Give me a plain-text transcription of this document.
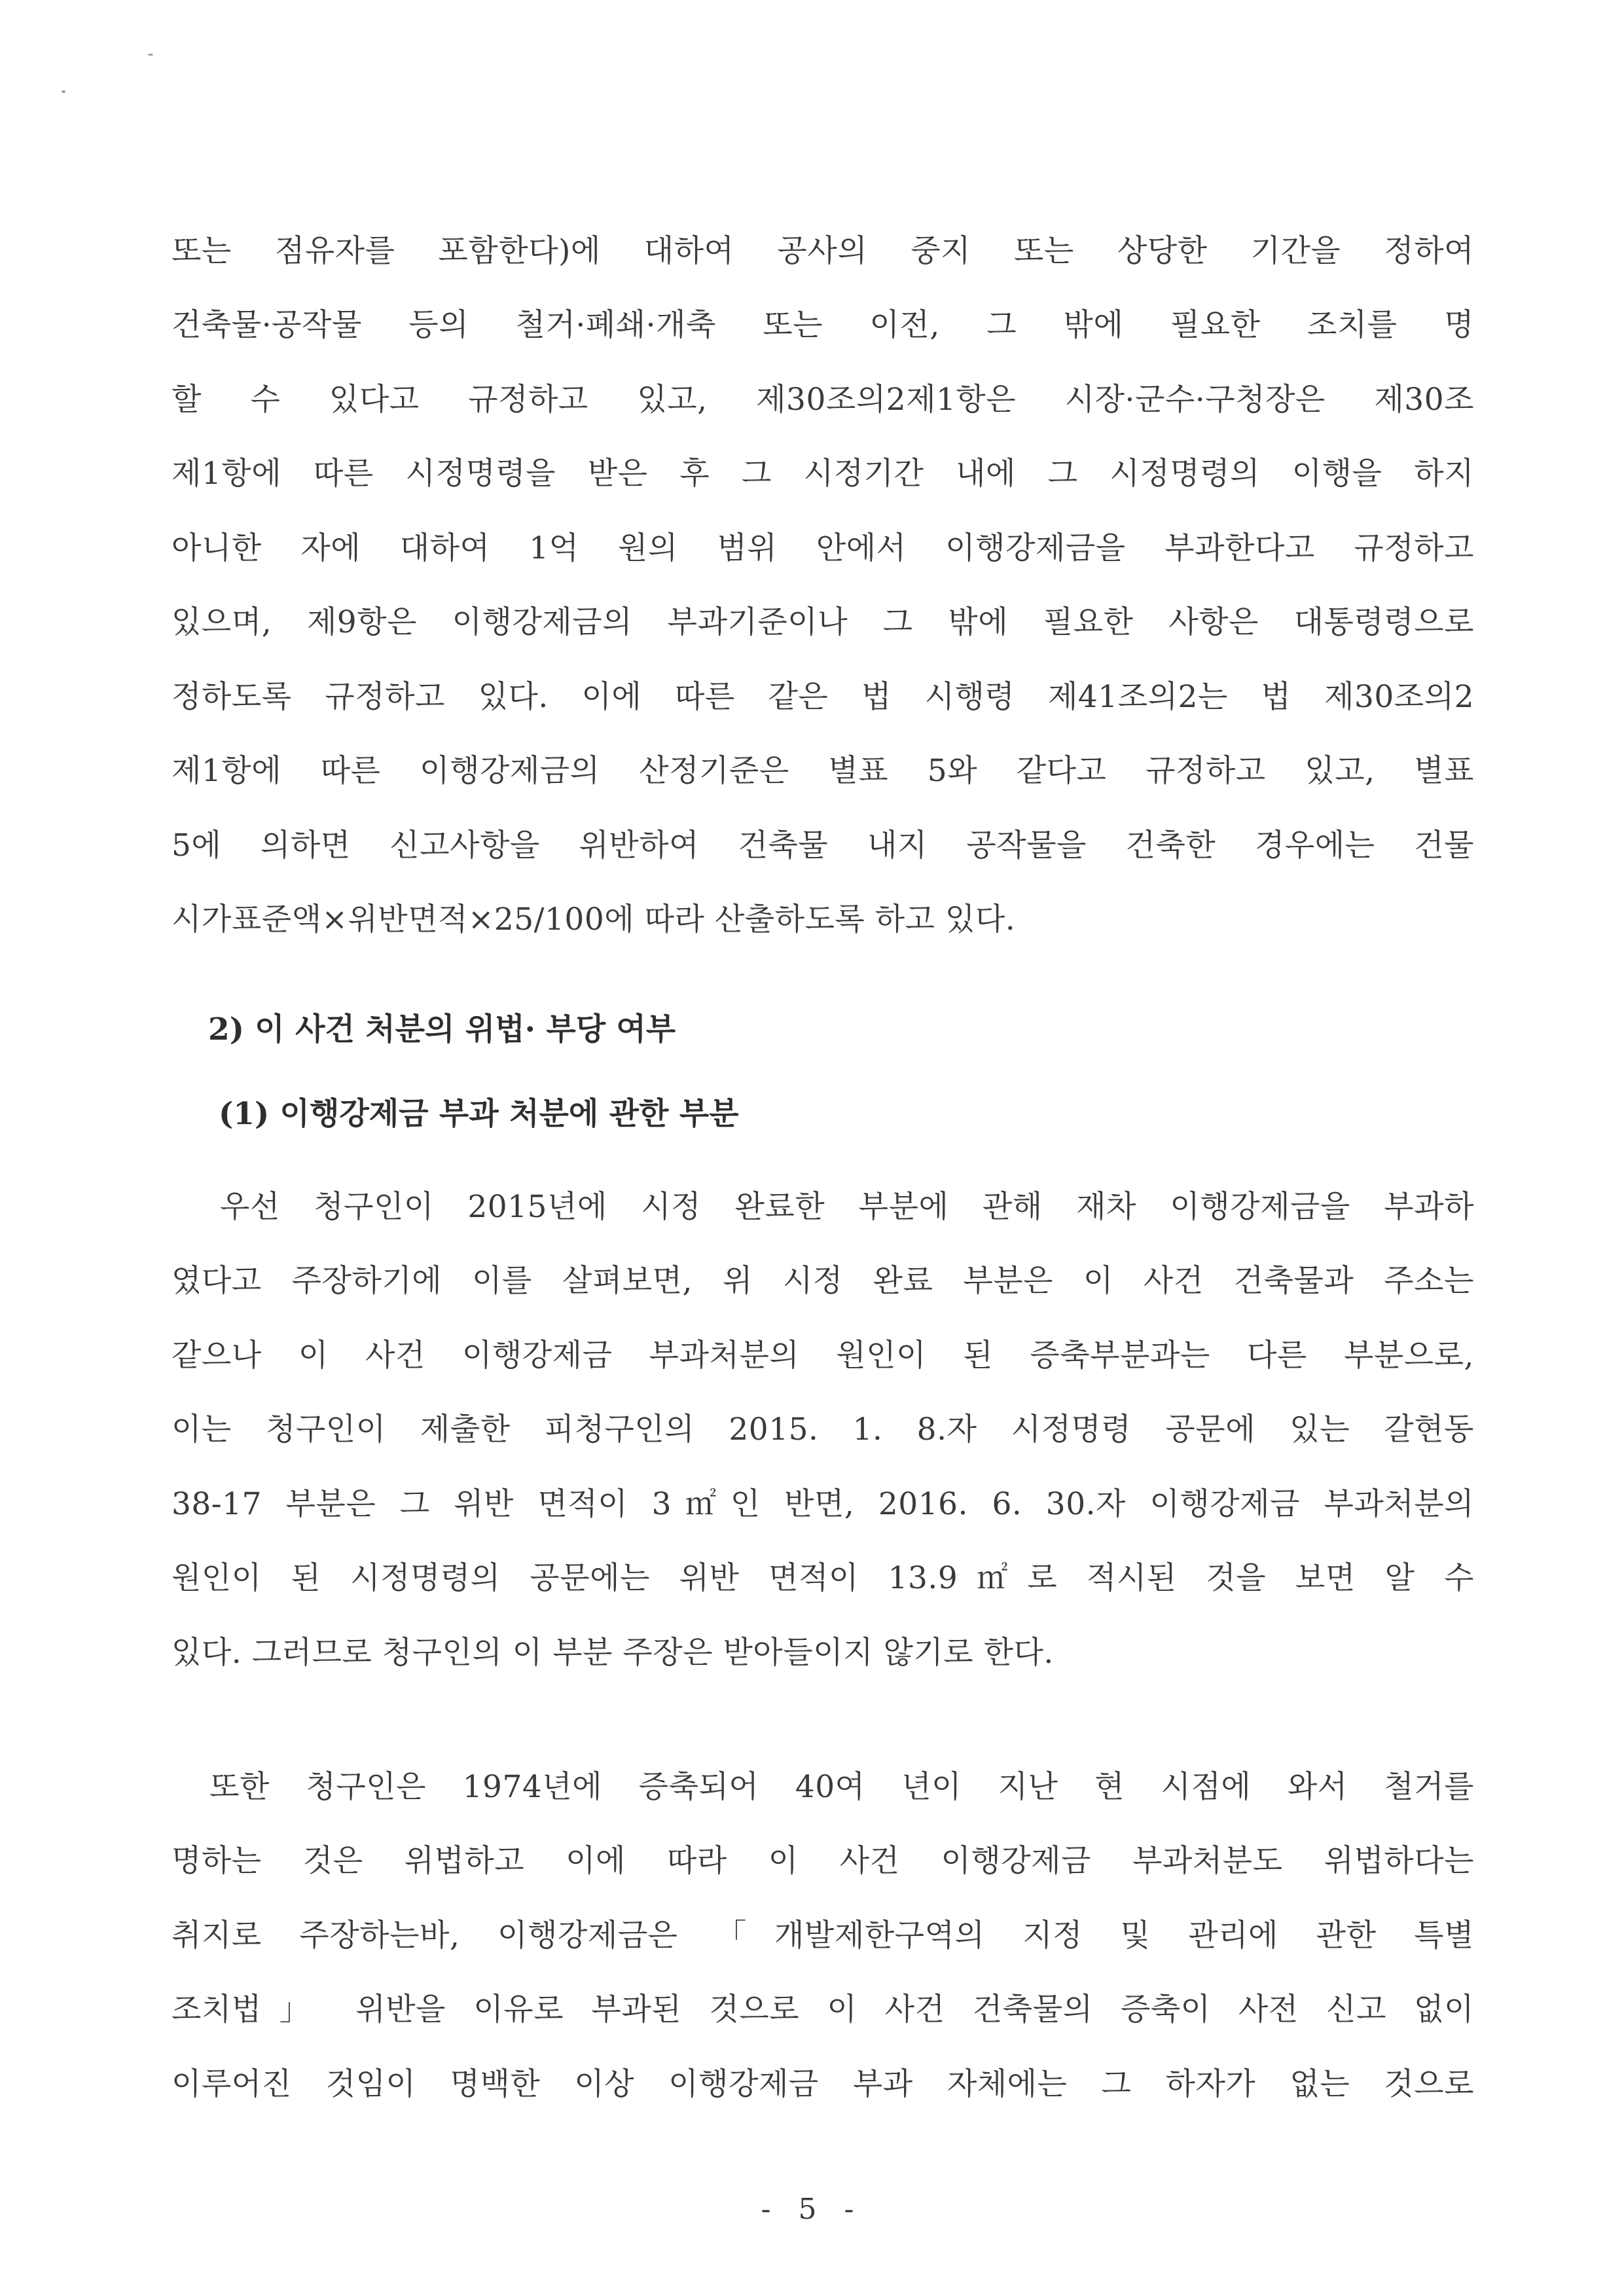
또는 점유자를 포함한다)에 대하여 공사의 중지 또는 상당한 기간을 정하여
건축물·공작물 등의 철거·폐쇄·개축 또는 이전, 그 밖에 필요한 조치를 명
할 수 있다고 규정하고 있고, 제30조의2제1항은 시장·군수·구청장은 제30조
제1항에 따른 시정명령을 받은 후 그 시정기간 내에 그 시정명령의 이행을 하지
아니한 자에 대하여 1억 원의 범위 안에서 이행강제금을 부과한다고 규정하고
있으며, 제9항은 이행강제금의 부과기준이나 그 밖에 필요한 사항은 대통령령으로
정하도록 규정하고 있다. 이에 따른 같은 법 시행령 제41조의2는 법 제30조의2
제1항에 따른 이행강제금의 산정기준은 별표 5와 같다고 규정하고 있고, 별표
5에 의하면 신고사항을 위반하여 건축물 내지 공작물을 건축한 경우에는 건물
시가표준액×위반면적×25/100에 따라 산출하도록 하고 있다.
2) 이 사건 처분의 위법· 부당 여부
(1) 이행강제금 부과 처분에 관한 부분
우선 청구인이 2015년에 시정 완료한 부분에 관해 재차 이행강제금을 부과하
였다고 주장하기에 이를 살펴보면, 위 시정 완료 부분은 이 사건 건축물과 주소는
같으나 이 사건 이행강제금 부과처분의 원인이 된 증축부분과는 다른 부분으로,
이는 청구인이 제출한 피청구인의 2015. 1. 8.자 시정명령 공문에 있는 갈현동
38-17 부분은 그 위반 면적이 3㎡인 반면, 2016. 6. 30.자 이행강제금 부과처분의
원인이 된 시정명령의 공문에는 위반 면적이 13.9㎡로 적시된 것을 보면 알 수
있다. 그러므로 청구인의 이 부분 주장은 받아들이지 않기로 한다.
또한 청구인은 1974년에 증축되어 40여 년이 지난 현 시점에 와서 철거를
명하는 것은 위법하고 이에 따라 이 사건 이행강제금 부과처분도 위법하다는
취지로 주장하는바, 이행강제금은 「개발제한구역의 지정 및 관리에 관한 특별
조치법」 위반을 이유로 부과된 것으로 이 사건 건축물의 증축이 사전 신고 없이
이루어진 것임이 명백한 이상 이행강제금 부과 자체에는 그 하자가 없는 것으로
- 5 -
